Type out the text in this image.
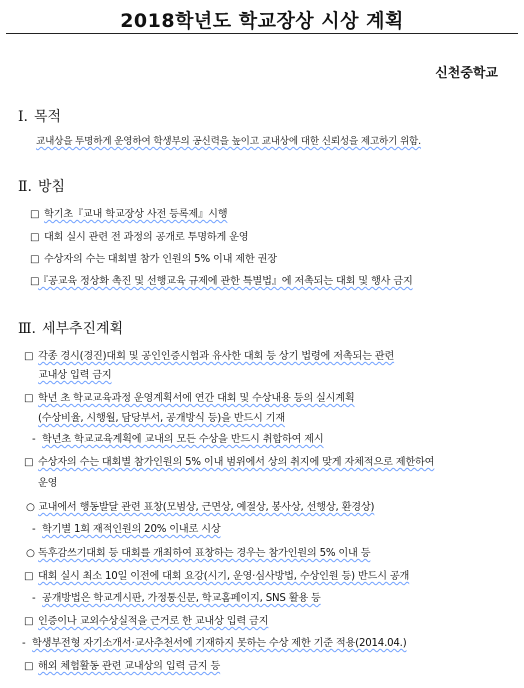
2018학년도 학교장상 시상 계획
신천중학교
Ⅰ. 목적
교내상을 투명하게 운영하여 학생부의 공신력을 높이고 교내상에 대한 신뢰성을 제고하기 위함.
Ⅱ. 방침
□ 학기초『교내 학교장상 사전 등록제』시행
□ 대회 실시 관련 전 과정의 공개로 투명하게 운영
□ 수상자의 수는 대회별 참가 인원의 5% 이내 제한 권장
□『공교육 정상화 촉진 및 선행교육 규제에 관한 특별법』에 저촉되는 대회 및 행사 금지
Ⅲ. 세부추진계획
□ 각종 경시(경진)대회 및 공인인증시험과 유사한 대회 등 상기 법령에 저촉되는 관련
교내상 입력 금지
□ 학년 초 학교교육과정 운영계획서에 연간 대회 및 수상내용 등의 실시계획
(수상비율, 시행월, 담당부서, 공개방식 등)을 반드시 기재
- 학년초 학교교육계획에 교내의 모든 수상을 반드시 취합하여 제시
□ 수상자의 수는 대회별 참가인원의 5% 이내 범위에서 상의 취지에 맞게 자체적으로 제한하여
운영
○ 교내에서 행동발달 관련 표창(모범상, 근면상, 예절상, 봉사상, 선행상, 환경상)
- 학기별 1회 재적인원의 20% 이내로 시상
○ 독후감쓰기대회 등 대회를 개최하여 표창하는 경우는 참가인원의 5% 이내 등
□ 대회 실시 최소 10일 이전에 대회 요강(시기, 운영·심사방법, 수상인원 등) 반드시 공개
- 공개방법은 학교게시판, 가정통신문, 학교홈페이지, SNS 활용 등
□ 인증이나 교외수상실적을 근거로 한 교내상 입력 금지
- 학생부전형 자기소개서·교사추천서에 기재하지 못하는 수상 제한 기준 적용(2014.04.)
□ 해외 체험활동 관련 교내상의 입력 금지 등
